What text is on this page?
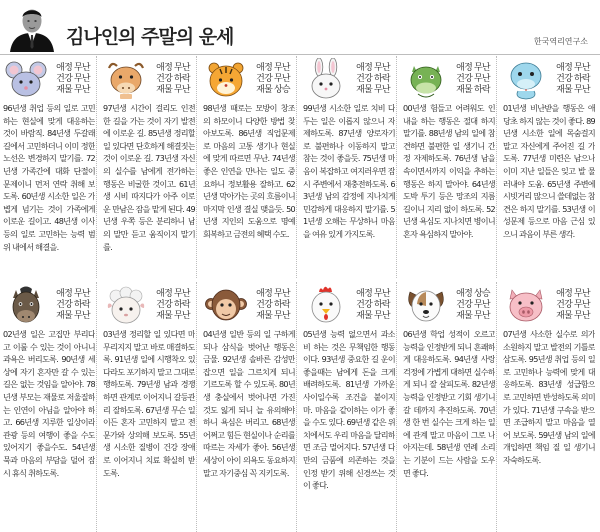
김나인의 주말의 운세	한국역리연구소
애정 무난
건강 무난
재물 무난
96년생 취업 등의 일로 고민하는 현실에 맞게 대응하는 것이 바람직. 84년생 두갈래 길에서 고민하더니 이미 정한 노선은 변경하지 말기를. 72년생 가족간에 대화 단절이 문제이니 먼저 연락 취해 보도록. 60년생 시소한 일은 가볍게 넘기는 것이 가족에게 이로운 길이고. 48년생 이사 등의 일로 고민하는 능력 범위 내에서 해결을.
애정 무난
건강 하락
재물 무난
97년생 시간이 걸리도 인전한 길을 가는 것이 자기 발전에 이로운 길. 85년생 정리할 일 있다면 단호하게 해결짓는 것이 이로운 길. 73년생 자신의 실수를 남에게 전가하는 행동은 비굴한 것이고. 61년생 시비 따지다가 아주 이로운 만남은 잠을 맡게 된다. 49년생 우쪽 등은 분리하니 남의 말만 듣고 움직이지 말기를.
애정 무난
건강 무난
재물 상승
98년생 때로는 모방이 창조의 하모이니 다양한 방법 찾아보도록. 86년생 직업문제로 마음의 고통 생기나 현실에 맞게 따르면 무난. 74년생 좋은 인연을 만나는 일도 중요하니 정보활용 잘하고. 62년생 막아가는 곳의 흐름이니 마지막 인생 결실 맺을듯. 50년생 지인의 도움으로 명예 회복하고 금전의 혜택 수도.
애정 무난
건강 하락
재물 무난
99년생 시소한 일로 치비 다두는 일은 이롭지 않으니 자제하도록. 87년생 양로자기로 불편하나 이동하지 말고 참는 것이 좋을듯. 75년생 마음이 복잡하고 여지러우면 잠시 주변에서 재충전하도록. 63년생 남의 감정에 지나치게 민감하게 대응하지 말기를. 51년생 오해는 무상하니 마음을 여유 있게 가지도록.
애정 무난
건강 무난
재물 하락
00년생 험들고 어려워도 인내을 하는 행동은 절대 하지 말기를. 88년생 남의 일에 참견하면 불편한 일 생기니 간정 자제하도록. 76년생 남을 속이면서까지 이익을 추하는 행동은 하지 말아야. 64년생 도박 투기 등은 망조의 지름길이니 지리 없이 하도록. 52년생 욕심도 지나치면 병이니 혼자 욕심하지 말아야.
애정 무난
건강 하락
재물 무난
01년생 비난받을 행동은 애당초 하지 않는 것이 좋다. 89년생 시소한 일에 목숨걸지 말고 자신에게 주어진 길 가도록. 77년생 미련은 남으나 이미 지난 일들은 잊고 발 물러내야 도움. 65년생 주변에 시빗거리 많으니 쓸데없는 참견은 하지 말기를. 53년생 이성문제 등으로 마음 근심 있으니 과음이 부른 생각.
애정 무난
건강 하락
재물 무난
02년생 일은 고집만 부리다고 이룰 수 있는 것이 아니니 과욕은 버리도록. 90년생 세상에 자기 혼자만 갈 수 있는 길은 없는 것임을 알아야. 78년생 부모는 재물로 저울질하는 인연이 아님을 알아야 하고. 66년생 지루한 일상이라 관광 등의 여행이 좋을 수도 있어지기 좋을수도. 54년생 묵과 마음의 부담을 덜어 잠시 휴식 취하도록.
애정 무난
건강 하락
재물 무난
03년생 정리할 일 있다면 마무리지지 말고 바로 매결하도록. 91년생 일에 시행착오 있다라도 포기하지 말고 그대로 행하도록. 79년생 남과 경쟁하면 관계로 이어지니 갈등관리 잘하도록. 67년생 무슨 일이든 혼자 고민하지 말고 전문가와 상의해 보도록. 55년생 시소한 질병이 건강 장애로 이어지니 치료 확실히 받도록.
애정 무난
건강 하락
재물 무난
04년생 일반 등의 일 구하게 되나 삼식을 벗어난 행동은 금물. 92년생 솔바른 감성만 잡으면 일을 그르치게 되니 기르도록 할 수 있도록. 80년생 충실에서 벗어나면 가진 것도 잃게 되니 늘 유의해야 하니 욕심은 버리고. 68년생 어쩌고 힘든 현실이나 순리를 따르는 자세가 좋아. 56년생 세상이 아이 의욕도 동요하지 말고 자기중심 꼭 지키도록.
애정 무난
건강 하락
재물 무난
05년생 능력 없으면서 과소비 하는 것은 무책임한 행동이다. 93년생 중요한 길 운이 좋을때는 남에게 돈을 크게 배려하도록. 81년생 가까운 사이일수록 조건을 붙이지 마. 마음을 같이하는 이가 좋을 수도 있다. 69년생 같은 위치에서도 우리 마음을 달리하면 조금 멀어지다. 57년생 다만의 금품에 의존하는 것을 인정 받기 위해 신경쓰는 것이 좋다.
애정 상승
건강 무난
재물 무난
06년생 학업 성적이 오르고 능력을 인정받게 되니 흔쾌하게 대응하도록. 94년생 사랑 걱정에 가볍게 대하면 실수하게 되니 잘 살피도록. 82년생 능력을 인정받고 기회 생기니 갈 데까지 추진하도록. 70년생 한 번 실수는 크게 하는 일에 관계 말고 마음이 그로 나아지는데. 58년생 연례 소리는 기분이 드는 사람을 도우면 좋다.
애정 무난
건강 무난
재물 무난
07년생 사소한 실수로 의가소원하지 말고 발전의 기틀로 삼도록. 95년생 취업 등의 일로 고민하나 능력에 맞게 대응하도록. 83년생 성급함으로 고민하면 반성하도록 의미가 있다. 71년생 구속을 받으면 조급하지 말고 마음을 열어 보도록. 59년생 남의 일에 개입하면 책임 질 일 생기니 자숙하도록.
